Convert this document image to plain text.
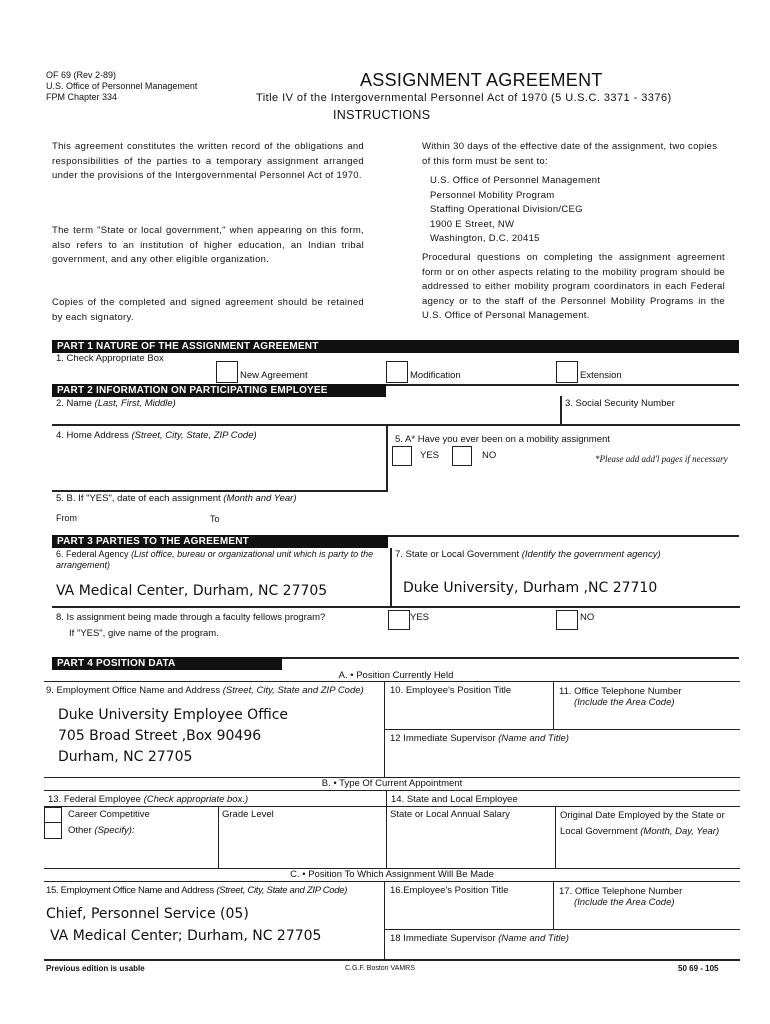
OF 69 (Rev 2-89)
U.S. Office of Personnel Management
FPM Chapter 334
ASSIGNMENT AGREEMENT
Title IV of the Intergovernmental Personnel Act of 1970 (5 U.S.C. 3371 - 3376)
INSTRUCTIONS
This agreement constitutes the written record of the obligations and responsibilities of the parties to a temporary assignment arranged under the provisions of the Intergovernmental Personnel Act of 1970.
The term "State or local government," when appearing on this form, also refers to an institution of higher education, an Indian tribal government, and any other eligible organization.
Copies of the completed and signed agreement should be retained by each signatory.
Within 30 days of the effective date of the assignment, two copies of this form must be sent to:
U.S. Office of Personnel Management
Personnel Mobility Program
Staffing Operational Division/CEG
1900 E Street, NW
Washington, D.C. 20415
Procedural questions on completing the assignment agreement form or on other aspects relating to the mobility program should be addressed to either mobility program coordinators in each Federal agency or to the staff of the Personnel Mobility Programs in the U.S. Office of Personal Management.
PART 1 NATURE OF THE ASSIGNMENT AGREEMENT
1. Check Appropriate Box
New Agreement	Modification	Extension
PART 2 INFORMATION ON PARTICIPATING EMPLOYEE
2. Name (Last, First, Middle)	3. Social Security Number
4. Home Address (Street, City, State, ZIP Code)	5. A* Have you ever been on a mobility assignment
YES	NO	*Please add add'l pages if necessary
5. B. If "YES", date of each assignment (Month and Year)
From	To
PART 3 PARTIES TO THE AGREEMENT
6. Federal Agency (List office, bureau or organizational unit which is party to the arrangement)
VA Medical Center, Durham, NC 27705
7. State or Local Government (Identify the government agency)
Duke University, Durham ,NC 27710
8. Is assignment being made through a faculty fellows program?
If "YES", give name of the program.
YES	NO
PART 4 POSITION DATA
A. • Position Currently Held
9. Employment Office Name and Address (Street, City, State and ZIP Code)
Duke University Employee Office
705 Broad Street ,Box 90496
Durham, NC 27705
10. Employee's Position Title	11. Office Telephone Number
(Include the Area Code)
12 Immediate Supervisor (Name and Title)
B. • Type Of Current Appointment
13. Federal Employee (Check appropriate box.)	14. State and Local Employee
Career Competitive	Grade Level
Other (Specify):
State or Local Annual Salary	Original Date Employed by the State or Local Government (Month, Day, Year)
C. • Position To Which Assignment Will Be Made
15. Employment Office Name and Address (Street, City, State and ZIP Code)
Chief, Personnel Service (05)
VA Medical Center; Durham, NC 27705
16.Employee's Position Title	17. Office Telephone Number
(Include the Area Code)
18 Immediate Supervisor (Name and Title)
Previous edition is usable	C.G.F. Boston VAMRS	50 69 - 105
